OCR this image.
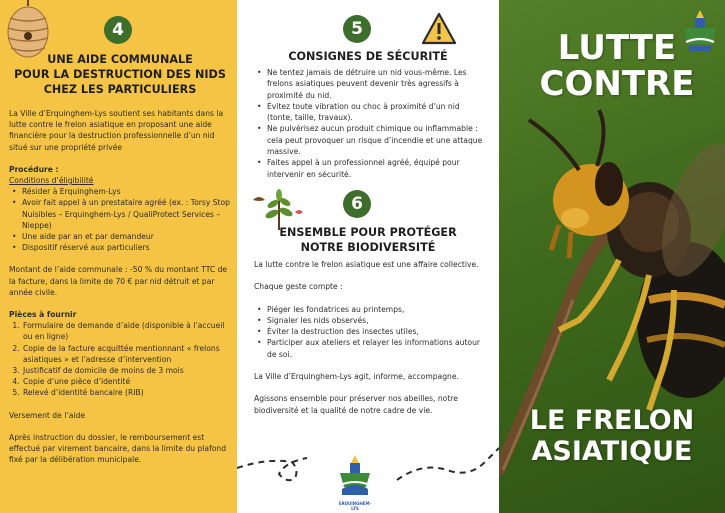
4
UNE AIDE COMMUNALE
POUR LA DESTRUCTION DES NIDS
CHEZ LES PARTICULIERS

La Ville d’Erquinghem-Lys soutient ses habitants dans la lutte contre le frelon asiatique en proposant une aide financière pour la destruction professionnelle d’un nid situé sur une propriété privée

Procédure :
Conditions d’éligibilité
• Résider à Erquinghem-Lys
• Avoir fait appel à un prestataire agréé (ex. : Torsy Stop Nuisibles – Erquinghem-Lys / QualiProtect Services – Nieppe)
• Une aide par an et par demandeur
• Dispositif réservé aux particuliers

Montant de l’aide communale : -50 % du montant TTC de la facture, dans la limite de 70 € par nid détruit et par année civile.

Pièces à fournir
1. Formulaire de demande d’aide (disponible à l’accueil ou en ligne)
2. Copie de la facture acquittée mentionnant « frelons asiatiques » et l’adresse d’intervention
3. Justificatif de domicile de moins de 3 mois
4. Copie d’une pièce d’identité
5. Relevé d’identité bancaire (RIB)

Versement de l’aide

Après instruction du dossier, le remboursement est effectué par virement bancaire, dans la limite du plafond fixé par la délibération municipale.

5
CONSIGNES DE SÉCURITÉ
• Ne tentez jamais de détruire un nid vous-même. Les frelons asiatiques peuvent devenir très agressifs à proximité du nid.
• Évitez toute vibration ou choc à proximité d’un nid (tonte, taille, travaux).
• Ne pulvérisez aucun produit chimique ou inflammable : cela peut provoquer un risque d’incendie et une attaque massive.
• Faites appel à un professionnel agréé, équipé pour intervenir en sécurité.
6
ENSEMBLE POUR PROTÉGER
NOTRE BIODIVERSITÉ

La lutte contre le frelon asiatique est une affaire collective.

Chaque geste compte :

• Piéger les fondatrices au printemps,
• Signaler les nids observés,
• Éviter la destruction des insectes utiles,
• Participer aux ateliers et relayer les informations autour de soi.

La Ville d’Erquinghem-Lys agit, informe, accompagne.

Agissons ensemble pour préserver nos abeilles, notre biodiversité et la qualité de notre cadre de vie.

ERQUINGHEM-LYS
LUTTE
CONTRE
LE FRELON
ASIATIQUE
